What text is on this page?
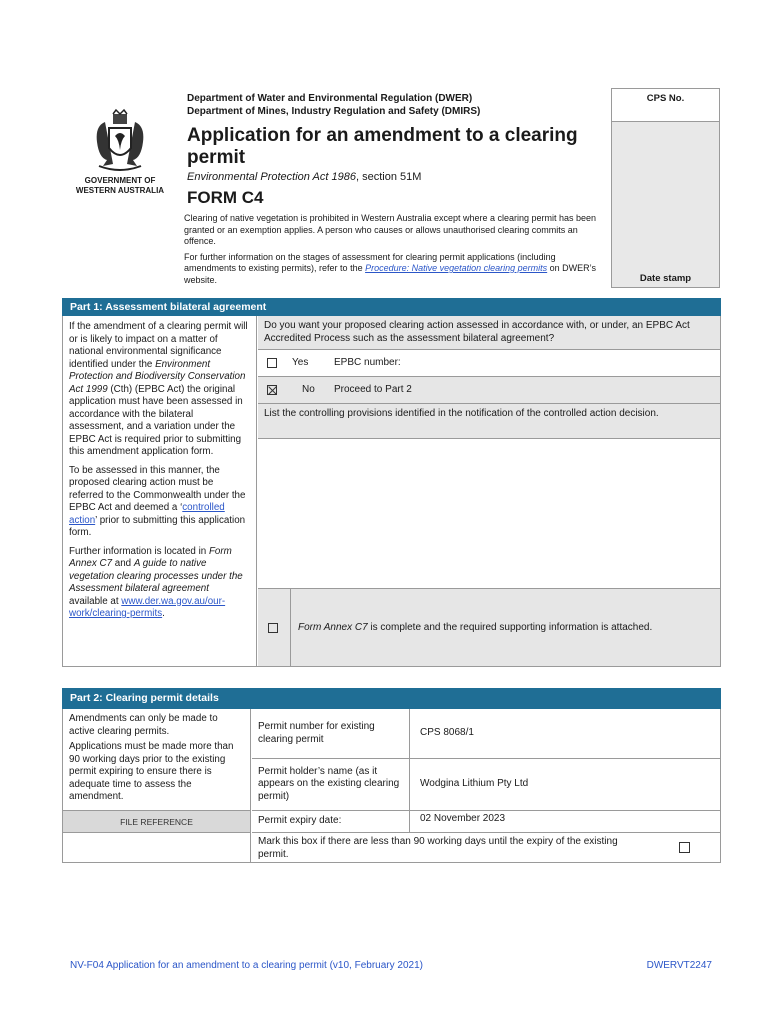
GOVERNMENT OF
WESTERN AUSTRALIA
Department of Water and Environmental Regulation (DWER)
Department of Mines, Industry Regulation and Safety (DMIRS)
Application for an amendment to a clearing permit
Environmental Protection Act 1986, section 51M
FORM C4

Clearing of native vegetation is prohibited in Western Australia except where a clearing permit has been granted or an exemption applies. A person who causes or allows unauthorised clearing commits an offence.

For further information on the stages of assessment for clearing permit applications (including amendments to existing permits), refer to the Procedure: Native vegetation clearing permits on DWER’s website.

CPS No.
Date stamp
Part 1: Assessment bilateral agreement

If the amendment of a clearing permit will or is likely to impact on a matter of national environmental significance identified under the Environment Protection and Biodiversity Conservation Act 1999 (Cth) (EPBC Act) the original application must have been assessed in accordance with the bilateral assessment, and a variation under the EPBC Act is required prior to submitting this amendment application form.

To be assessed in this manner, the proposed clearing action must be referred to the Commonwealth under the EPBC Act and deemed a ‘controlled action’ prior to submitting this application form.

Further information is located in Form Annex C7 and A guide to native vegetation clearing processes under the Assessment bilateral agreement available at www.der.wa.gov.au/our-work/clearing-permits.

Do you want your proposed clearing action assessed in accordance with, or under, an EPBC Act Accredited Process such as the assessment bilateral agreement?
Yes	EPBC number:
No Proceed to Part 2
List the controlling provisions identified in the notification of the controlled action decision.
Form Annex C7 is complete and the required supporting information is attached.
Part 2: Clearing permit details

Amendments can only be made to active clearing permits.

Applications must be made more than 90 working days prior to the existing permit expiring to ensure there is adequate time to assess the amendment.

FILE REFERENCE
Permit number for existing clearing permit
CPS 8068/1
Permit holder’s name (as it appears on the existing clearing permit)
Wodgina Lithium Pty Ltd
Permit expiry date:	02 November 2023
Mark this box if there are less than 90 working days until the expiry of the existing permit.
NV-F04 Application for an amendment to a clearing permit (v10, February 2021)	DWERVT2247
